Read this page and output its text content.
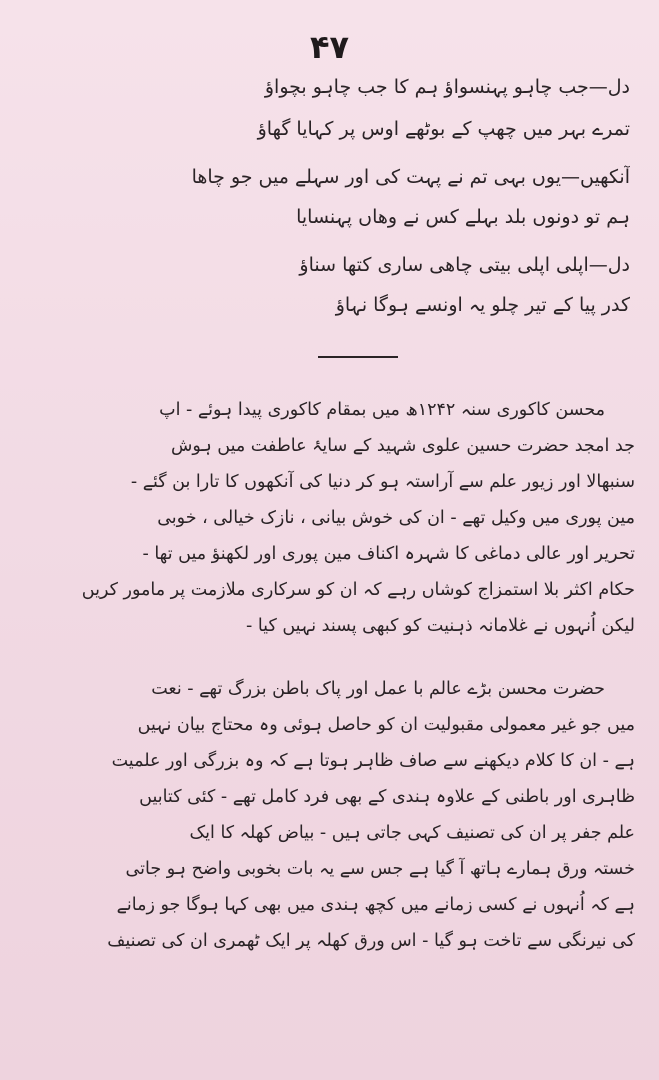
۴۷
دل—جب چاہو پہنسواؤ ہم کا جب چاہو بچواؤ
تمرے بہر میں چھپ کے بوٹھے اوس پر کہایا گھاؤ
آنکھیں—یوں بہی تم نے پہت کی اور سہلے میں جو چاھا
ہم تو دونوں بلد بہلے کس نے وھاں پہنسایا
دل—اپلی اپلی بیتی چاھی ساری کتھا سناؤ
کدر پیا کے تیر چلو یہ اونسے ہوگا نہاؤ
محسن کاکوری سنہ ۱۲۴۲ھ میں بمقام کاکوری پیدا ہوئے - اپ
جد امجد حضرت حسین علوی شہید کے سایۂ عاطفت میں ہوش
سنبھالا اور زیور علم سے آراستہ ہو کر دنیا کی آنکھوں کا تارا بن گئے -
مین پوری میں وکیل تھے - ان کی خوش بیانی ، نازک خیالی ، خوبی
تحریر اور عالی دماغی کا شہرہ اکناف مین پوری اور لکھنؤ میں تھا -
حکام اکثر بلا استمزاج کوشاں رہے کہ ان کو سرکاری ملازمت پر مامور کریں
لیکن اُنہوں نے غلامانہ ذہنیت کو کبھی پسند نہیں کیا -
حضرت محسن بڑے عالم با عمل اور پاک باطن بزرگ تھے - نعت
میں جو غیر معمولی مقبولیت ان کو حاصل ہوئی وہ محتاج بیان نہیں
ہے - ان کا کلام دیکھنے سے صاف ظاہر ہوتا ہے کہ وہ بزرگی اور علمیت
ظاہری اور باطنی کے علاوہ ہندی کے بھی فرد کامل تھے - کئی کتابیں
علم جفر پر ان کی تصنیف کہی جاتی ہیں - بیاض کھلہ کا ایک
خستہ ورق ہمارے ہاتھ آ گیا ہے جس سے یہ بات بخوبی واضح ہو جاتی
ہے کہ اُنہوں نے کسی زمانے میں کچھ ہندی میں بھی کہا ہوگا جو زمانے
کی نیرنگی سے تاخت ہو گیا - اس ورق کھلہ پر ایک ٹھمری ان کی تصنیف
